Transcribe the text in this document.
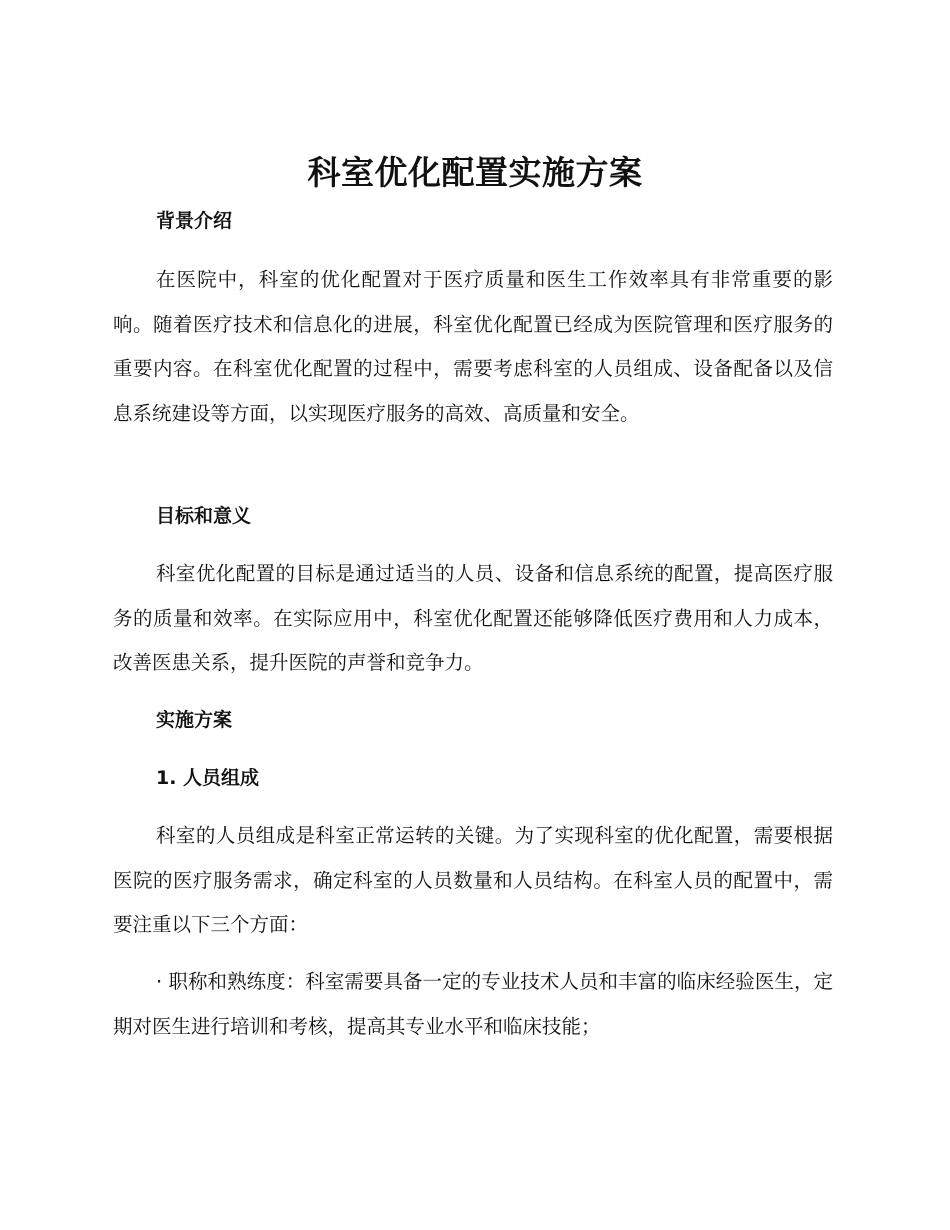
科室优化配置实施方案
背景介绍

在医院中，科室的优化配置对于医疗质量和医生工作效率具有非常重要的影响。随着医疗技术和信息化的进展，科室优化配置已经成为医院管理和医疗服务的重要内容。在科室优化配置的过程中，需要考虑科室的人员组成、设备配备以及信息系统建设等方面，以实现医疗服务的高效、高质量和安全。

目标和意义

科室优化配置的目标是通过适当的人员、设备和信息系统的配置，提高医疗服务的质量和效率。在实际应用中，科室优化配置还能够降低医疗费用和人力成本，改善医患关系，提升医院的声誉和竞争力。

实施方案
1. 人员组成

科室的人员组成是科室正常运转的关键。为了实现科室的优化配置，需要根据医院的医疗服务需求，确定科室的人员数量和人员结构。在科室人员的配置中，需要注重以下三个方面：

· 职称和熟练度：科室需要具备一定的专业技术人员和丰富的临床经验医生，定期对医生进行培训和考核，提高其专业水平和临床技能；
